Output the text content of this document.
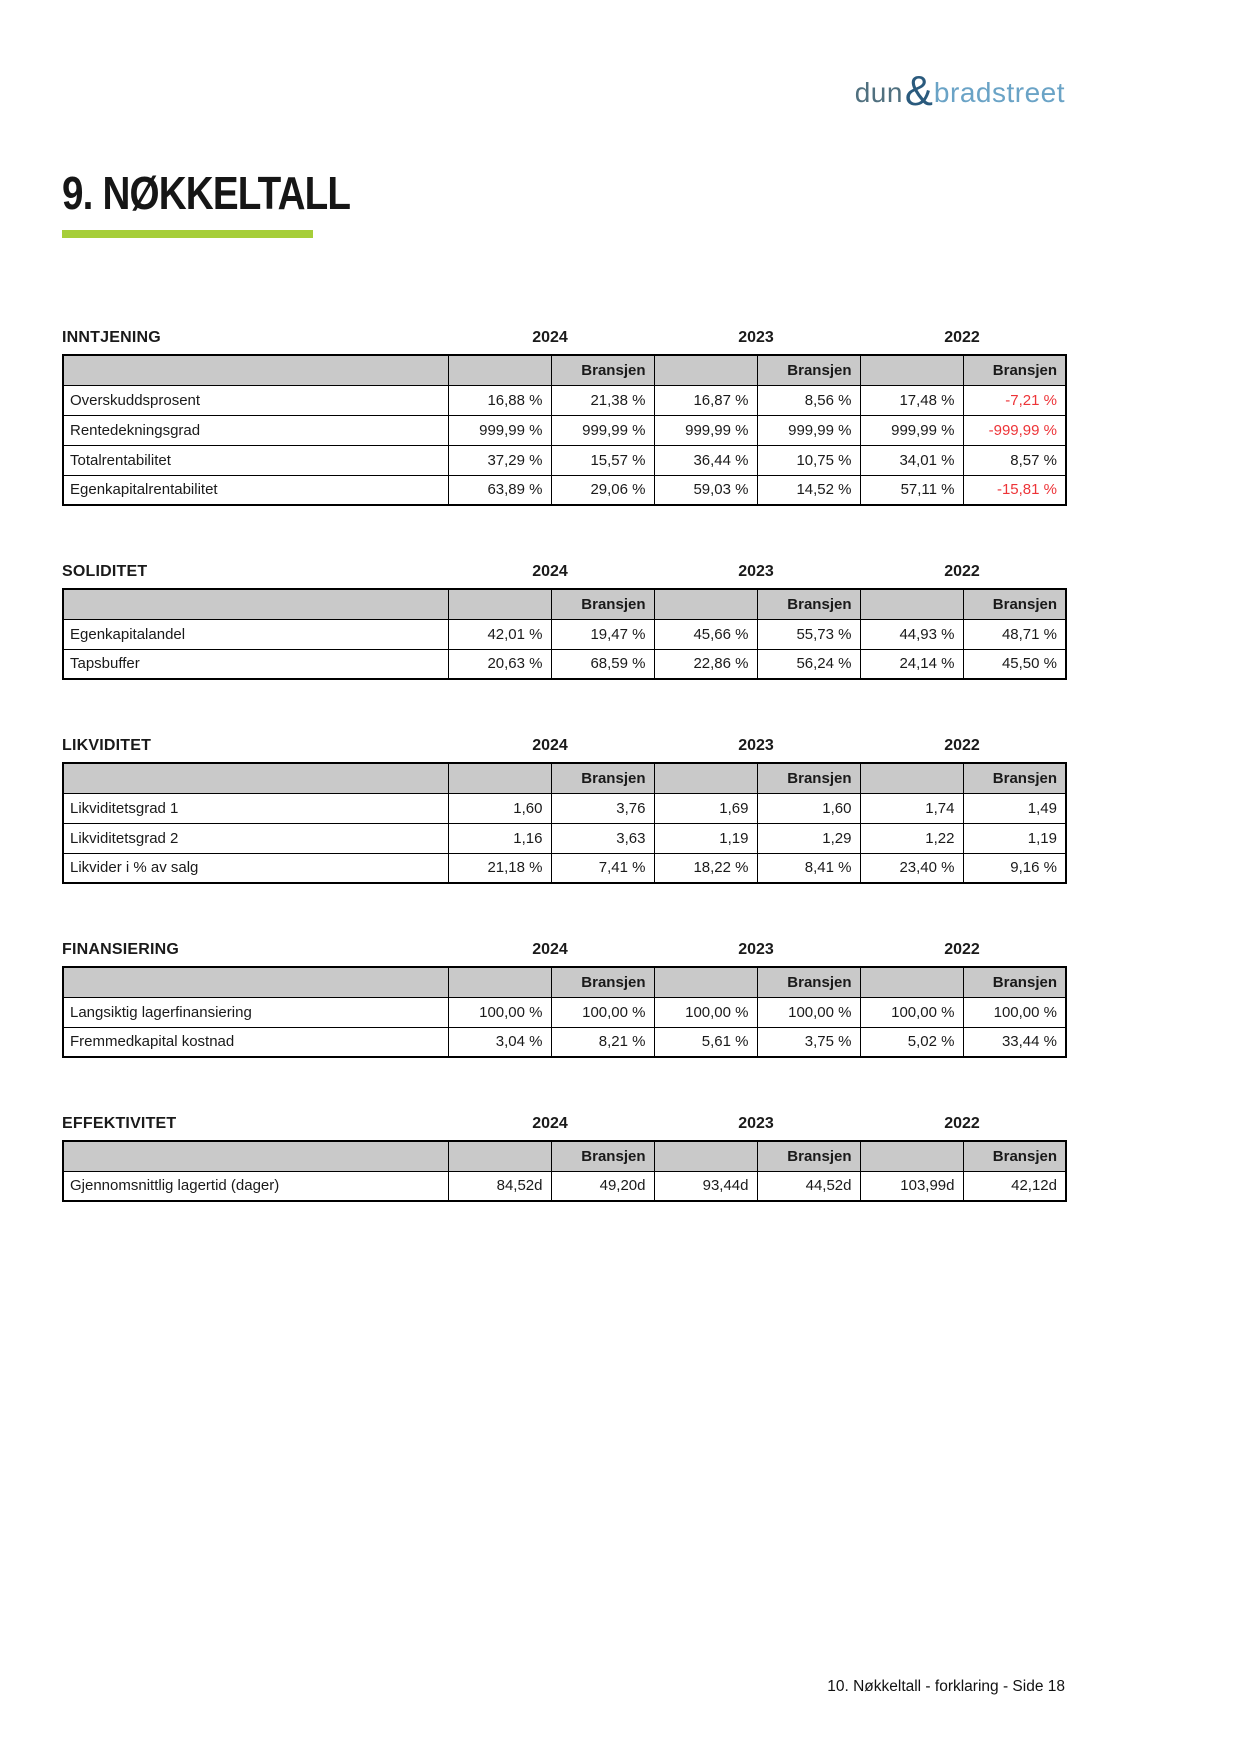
dun & bradstreet
9. NØKKELTALL
INNTJENING	2024	2023	2022
		Bransjen		Bransjen		Bransjen
Overskuddsprosent	16,88 %	21,38 %	16,87 %	8,56 %	17,48 %	-7,21 %
Rentedekningsgrad	999,99 %	999,99 %	999,99 %	999,99 %	999,99 %	-999,99 %
Totalrentabilitet	37,29 %	15,57 %	36,44 %	10,75 %	34,01 %	8,57 %
Egenkapitalrentabilitet	63,89 %	29,06 %	59,03 %	14,52 %	57,11 %	-15,81 %
SOLIDITET	2024	2023	2022
		Bransjen		Bransjen		Bransjen
Egenkapitalandel	42,01 %	19,47 %	45,66 %	55,73 %	44,93 %	48,71 %
Tapsbuffer	20,63 %	68,59 %	22,86 %	56,24 %	24,14 %	45,50 %
LIKVIDITET	2024	2023	2022
		Bransjen		Bransjen		Bransjen
Likviditetsgrad 1	1,60	3,76	1,69	1,60	1,74	1,49
Likviditetsgrad 2	1,16	3,63	1,19	1,29	1,22	1,19
Likvider i % av salg	21,18 %	7,41 %	18,22 %	8,41 %	23,40 %	9,16 %
FINANSIERING	2024	2023	2022
		Bransjen		Bransjen		Bransjen
Langsiktig lagerfinansiering	100,00 %	100,00 %	100,00 %	100,00 %	100,00 %	100,00 %
Fremmedkapital kostnad	3,04 %	8,21 %	5,61 %	3,75 %	5,02 %	33,44 %
EFFEKTIVITET	2024	2023	2022
		Bransjen		Bransjen		Bransjen
Gjennomsnittlig lagertid (dager)	84,52d	49,20d	93,44d	44,52d	103,99d	42,12d
10. Nøkkeltall - forklaring - Side 18
